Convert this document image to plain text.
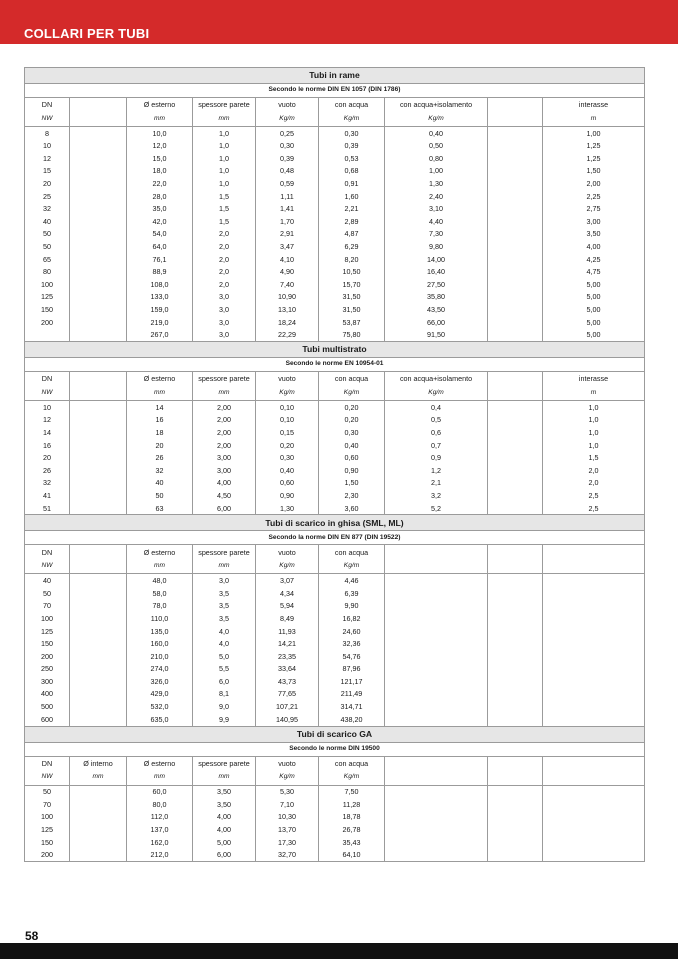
COLLARI PER TUBI
Tubi in rame								
Secondo le norme DIN EN 1057 (DIN 1786)								
DN		Ø esterno	spessore parete	vuoto	con acqua	con acqua+isolamento		interasse
NW		mm	mm	Kg/m	Kg/m	Kg/m		m
8		10,0	1,0	0,25	0,30	0,40		1,00
10		12,0	1,0	0,30	0,39	0,50		1,25
12		15,0	1,0	0,39	0,53	0,80		1,25
15		18,0	1,0	0,48	0,68	1,00		1,50
20		22,0	1,0	0,59	0,91	1,30		2,00
25		28,0	1,5	1,11	1,60	2,40		2,25
32		35,0	1,5	1,41	2,21	3,10		2,75
40		42,0	1,5	1,70	2,89	4,40		3,00
50		54,0	2,0	2,91	4,87	7,30		3,50
50		64,0	2,0	3,47	6,29	9,80		4,00
65		76,1	2,0	4,10	8,20	14,00		4,25
80		88,9	2,0	4,90	10,50	16,40		4,75
100		108,0	2,0	7,40	15,70	27,50		5,00
125		133,0	3,0	10,90	31,50	35,80		5,00
150		159,0	3,0	13,10	31,50	43,50		5,00
200		219,0	3,0	18,24	53,87	66,00		5,00
		267,0	3,0	22,29	75,80	91,50		5,00
Tubi multistrato								
Secondo le norme EN 10954-01								
DN		Ø esterno	spessore parete	vuoto	con acqua	con acqua+isolamento		interasse
NW		mm	mm	Kg/m	Kg/m	Kg/m		m
10		14	2,00	0,10	0,20	0,4		1,0
12		16	2,00	0,10	0,20	0,5		1,0
14		18	2,00	0,15	0,30	0,6		1,0
16		20	2,00	0,20	0,40	0,7		1,0
20		26	3,00	0,30	0,60	0,9		1,5
26		32	3,00	0,40	0,90	1,2		2,0
32		40	4,00	0,60	1,50	2,1		2,0
41		50	4,50	0,90	2,30	3,2		2,5
51		63	6,00	1,30	3,60	5,2		2,5
Tubi di scarico in ghisa (SML, ML)								
Secondo la norme DIN EN 877 (DIN 19522)								
DN		Ø esterno	spessore parete	vuoto	con acqua			
NW		mm	mm	Kg/m	Kg/m			
40		48,0	3,0	3,07	4,46			
50		58,0	3,5	4,34	6,39			
70		78,0	3,5	5,94	9,90			
100		110,0	3,5	8,49	16,82			
125		135,0	4,0	11,93	24,60			
150		160,0	4,0	14,21	32,36			
200		210,0	5,0	23,35	54,76			
250		274,0	5,5	33,64	87,96			
300		326,0	6,0	43,73	121,17			
400		429,0	8,1	77,65	211,49			
500		532,0	9,0	107,21	314,71			
600		635,0	9,9	140,95	438,20			
Tubi di scarico GA								
Secondo le norme DIN 19500								
DN	Ø interno	Ø esterno	spessore parete	vuoto	con acqua			
NW	mm	mm	mm	Kg/m	Kg/m			
50		60,0	3,50	5,30	7,50			
70		80,0	3,50	7,10	11,28			
100		112,0	4,00	10,30	18,78			
125		137,0	4,00	13,70	26,78			
150		162,0	5,00	17,30	35,43			
200		212,0	6,00	32,70	64,10			
58
